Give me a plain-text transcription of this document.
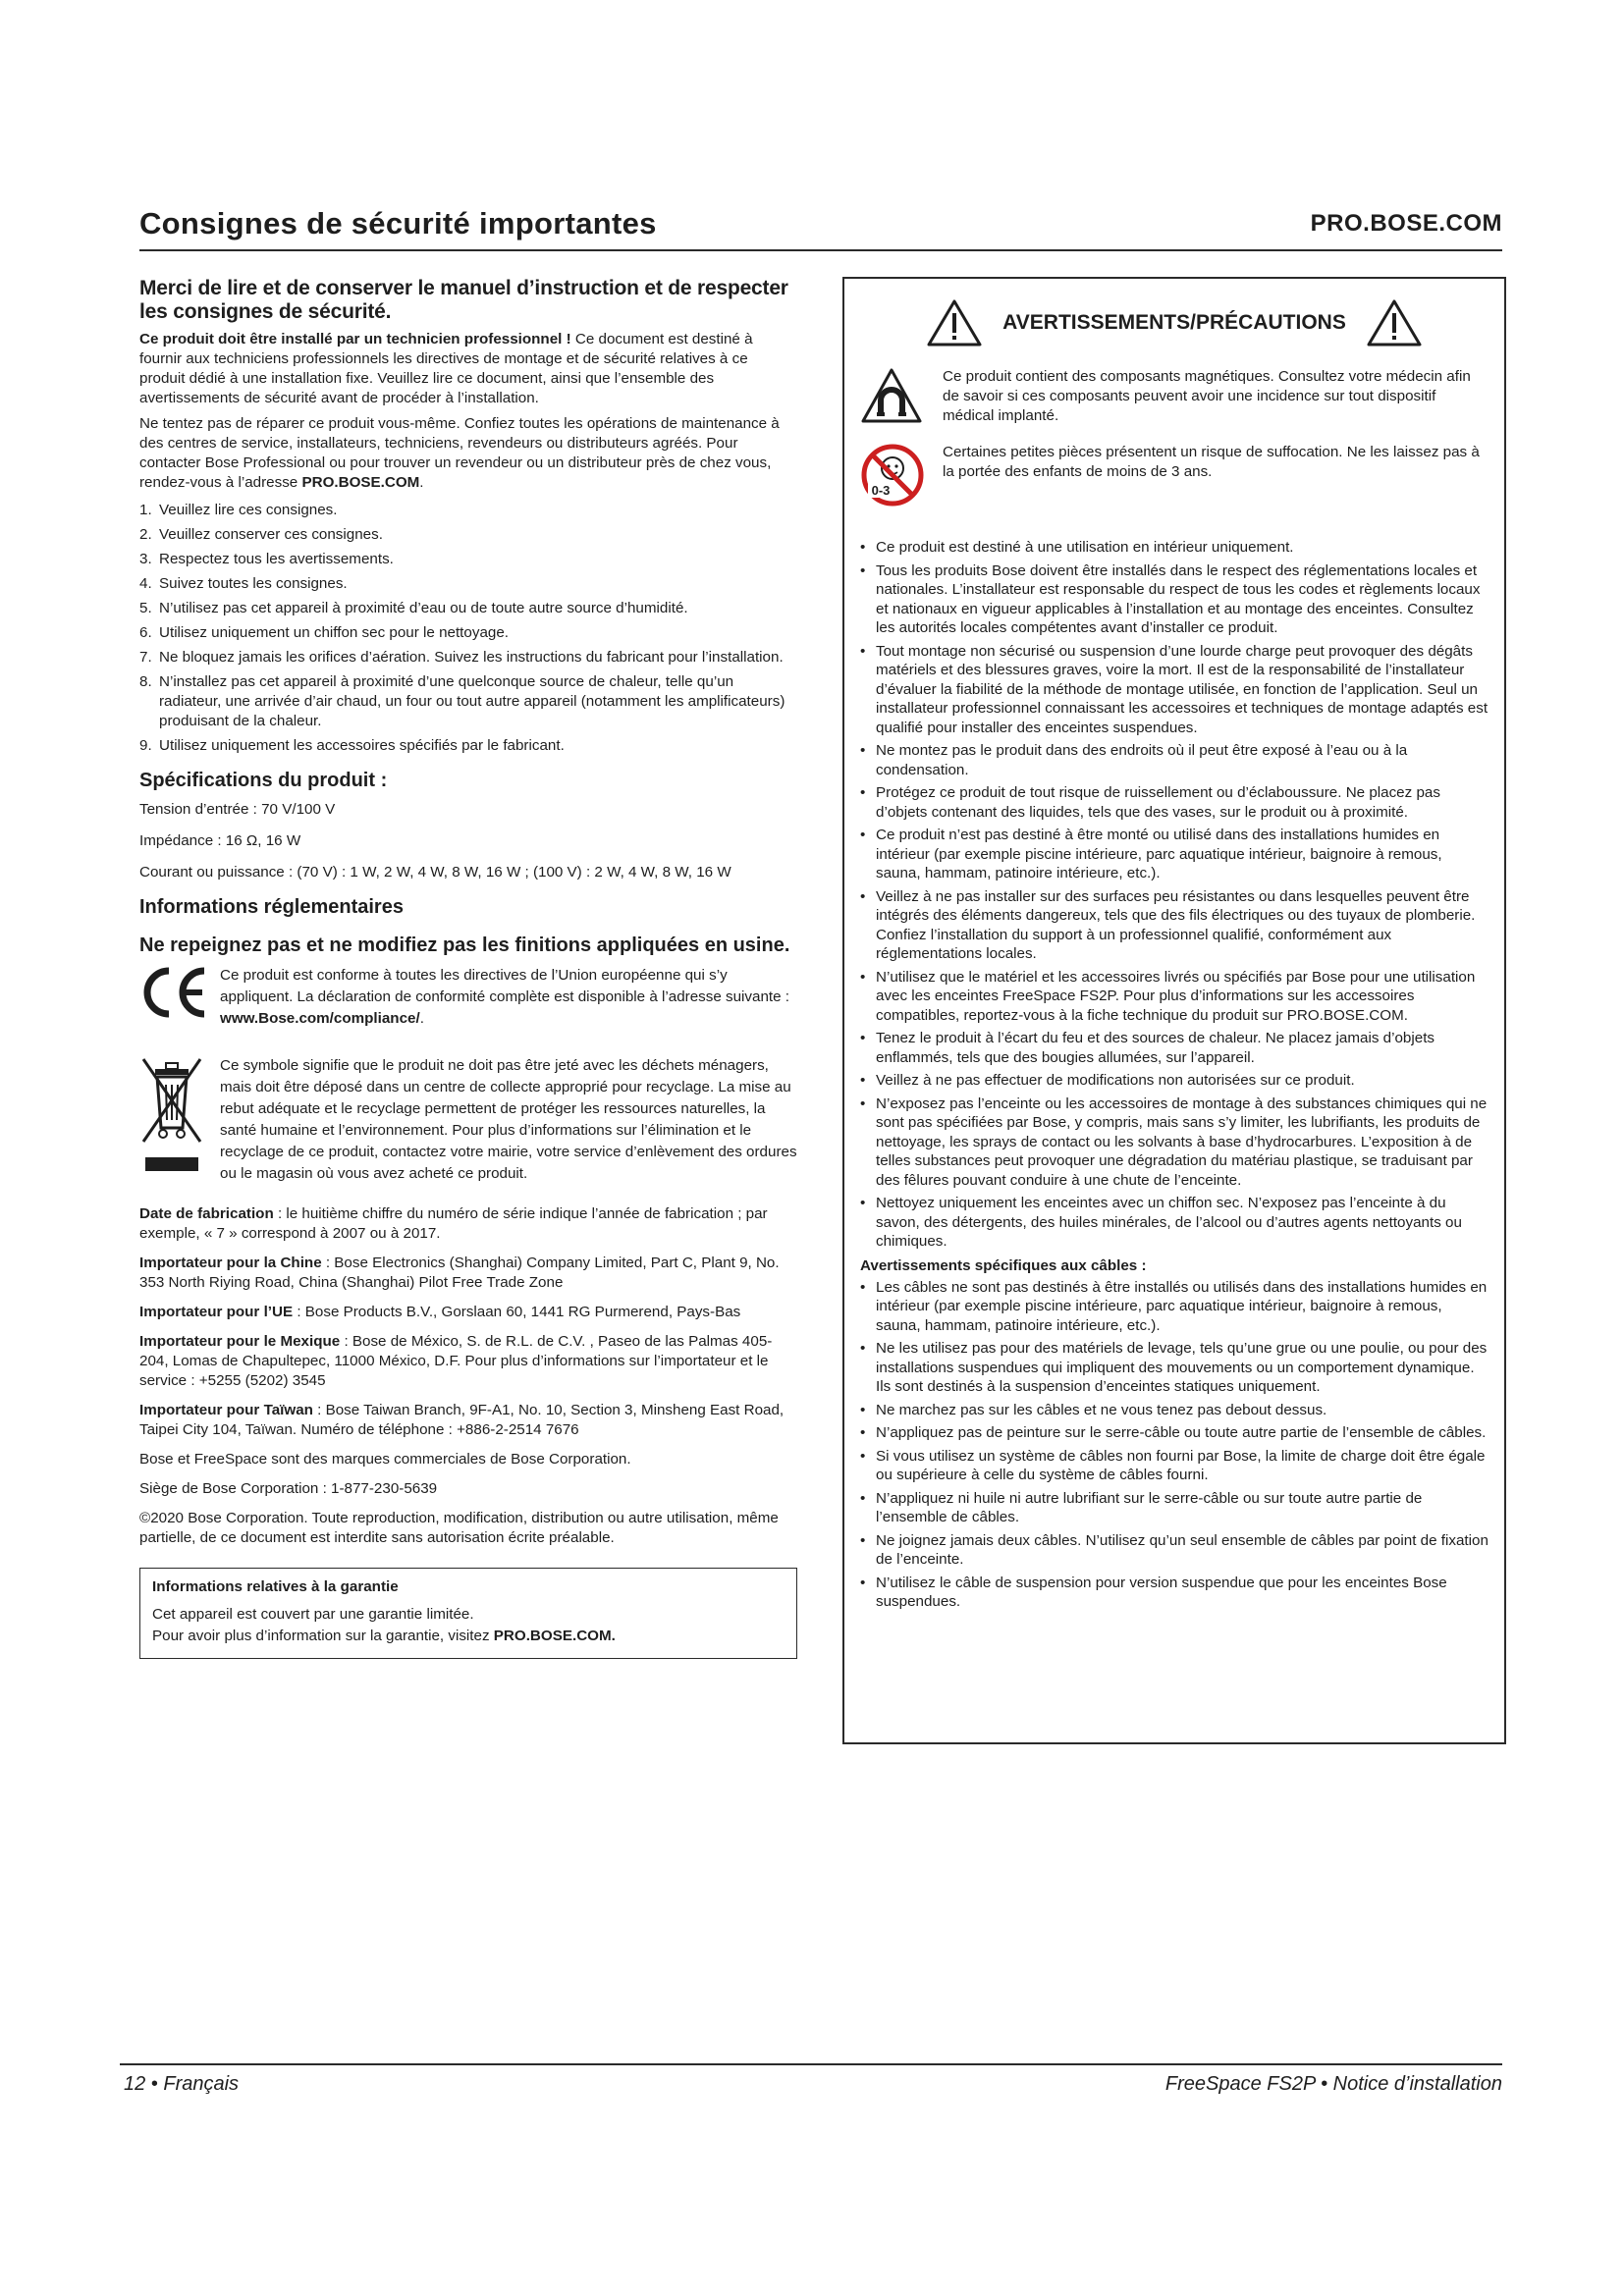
Consignes de sécurité importantes	PRO.BOSE.COM
Merci de lire et de conserver le manuel d’instruction et de respecter les consignes de sécurité.

Ce produit doit être installé par un technicien professionnel ! Ce document est destiné à fournir aux techniciens professionnels les directives de montage et de sécurité relatives à ce produit dédié à une installation fixe. Veuillez lire ce document, ainsi que l’ensemble des avertissements de sécurité avant de procéder à l’installation.

Ne tentez pas de réparer ce produit vous-même. Confiez toutes les opérations de maintenance à des centres de service, installateurs, techniciens, revendeurs ou distributeurs agréés. Pour contacter Bose Professional ou pour trouver un revendeur ou un distributeur près de chez vous, rendez-vous à l’adresse PRO.BOSE.COM.

1. Veuillez lire ces consignes.
2. Veuillez conserver ces consignes.
3. Respectez tous les avertissements.
4. Suivez toutes les consignes.
5. N’utilisez pas cet appareil à proximité d’eau ou de toute autre source d’humidité.
6. Utilisez uniquement un chiffon sec pour le nettoyage.
7. Ne bloquez jamais les orifices d’aération. Suivez les instructions du fabricant pour l’installation.
8. N’installez pas cet appareil à proximité d’une quelconque source de chaleur, telle qu’un radiateur, une arrivée d’air chaud, un four ou tout autre appareil (notamment les amplificateurs) produisant de la chaleur.
9. Utilisez uniquement les accessoires spécifiés par le fabricant.
Spécifications du produit :
Tension d’entrée : 70 V/100 V
Impédance : 16 Ω, 16 W
Courant ou puissance : (70 V) : 1 W, 2 W, 4 W, 8 W, 16 W ; (100 V) : 2 W, 4 W, 8 W, 16 W
Informations réglementaires
Ne repeignez pas et ne modifiez pas les finitions appliquées en usine.
Ce produit est conforme à toutes les directives de l’Union européenne qui s’y appliquent. La déclaration de conformité complète est disponible à l’adresse suivante : www.Bose.com/compliance/.
Ce symbole signifie que le produit ne doit pas être jeté avec les déchets ménagers, mais doit être déposé dans un centre de collecte approprié pour recyclage. La mise au rebut adéquate et le recyclage permettent de protéger les ressources naturelles, la santé humaine et l’environnement. Pour plus d’informations sur l’élimination et le recyclage de ce produit, contactez votre mairie, votre service d’enlèvement des ordures ou le magasin où vous avez acheté ce produit.

Date de fabrication : le huitième chiffre du numéro de série indique l’année de fabrication ; par exemple, « 7 » correspond à 2007 ou à 2017.

Importateur pour la Chine : Bose Electronics (Shanghai) Company Limited, Part C, Plant 9, No. 353 North Riying Road, China (Shanghai) Pilot Free Trade Zone

Importateur pour l’UE : Bose Products B.V., Gorslaan 60, 1441 RG Purmerend, Pays-Bas

Importateur pour le Mexique : Bose de México, S. de R.L. de C.V. , Paseo de las Palmas 405-204, Lomas de Chapultepec, 11000 México, D.F. Pour plus d’informations sur l’importateur et le service : +5255 (5202) 3545

Importateur pour Taïwan : Bose Taiwan Branch, 9F-A1, No. 10, Section 3, Minsheng East Road, Taipei City 104, Taïwan. Numéro de téléphone : +886-2-2514 7676

Bose et FreeSpace sont des marques commerciales de Bose Corporation.

Siège de Bose Corporation : 1-877-230-5639

©2020 Bose Corporation. Toute reproduction, modification, distribution ou autre utilisation, même partielle, de ce document est interdite sans autorisation écrite préalable.

Informations relatives à la garantie

Cet appareil est couvert par une garantie limitée.

Pour avoir plus d’information sur la garantie, visitez PRO.BOSE.COM.

AVERTISSEMENTS/PRÉCAUTIONS
Ce produit contient des composants magnétiques. Consultez votre médecin afin de savoir si ces composants peuvent avoir une incidence sur tout dispositif médical implanté.
0-3
Certaines petites pièces présentent un risque de suffocation. Ne les laissez pas à la portée des enfants de moins de 3 ans.
• Ce produit est destiné à une utilisation en intérieur uniquement.
• Tous les produits Bose doivent être installés dans le respect des réglementations locales et nationales. L’installateur est responsable du respect de tous les codes et règlements locaux et nationaux en vigueur applicables à l’installation et au montage des enceintes. Consultez les autorités locales compétentes avant d’installer ce produit.
• Tout montage non sécurisé ou suspension d’une lourde charge peut provoquer des dégâts matériels et des blessures graves, voire la mort. Il est de la responsabilité de l’installateur d’évaluer la fiabilité de la méthode de montage utilisée, en fonction de l’application. Seul un installateur professionnel connaissant les accessoires et techniques de montage adaptés est qualifié pour installer des enceintes suspendues.
• Ne montez pas le produit dans des endroits où il peut être exposé à l’eau ou à la condensation.
• Protégez ce produit de tout risque de ruissellement ou d’éclaboussure. Ne placez pas d’objets contenant des liquides, tels que des vases, sur le produit ou à proximité.
• Ce produit n’est pas destiné à être monté ou utilisé dans des installations humides en intérieur (par exemple piscine intérieure, parc aquatique intérieur, baignoire à remous, sauna, hammam, patinoire intérieure, etc.).
• Veillez à ne pas installer sur des surfaces peu résistantes ou dans lesquelles peuvent être intégrés des éléments dangereux, tels que des fils électriques ou des tuyaux de plomberie. Confiez l’installation du support à un professionnel qualifié, conformément aux réglementations locales.
• N’utilisez que le matériel et les accessoires livrés ou spécifiés par Bose pour une utilisation avec les enceintes FreeSpace FS2P. Pour plus d’informations sur les accessoires compatibles, reportez-vous à la fiche technique du produit sur PRO.BOSE.COM.
• Tenez le produit à l’écart du feu et des sources de chaleur. Ne placez jamais d’objets enflammés, tels que des bougies allumées, sur l’appareil.
• Veillez à ne pas effectuer de modifications non autorisées sur ce produit.
• N’exposez pas l’enceinte ou les accessoires de montage à des substances chimiques qui ne sont pas spécifiées par Bose, y compris, mais sans s’y limiter, les lubrifiants, les produits de nettoyage, les sprays de contact ou les solvants à base d’hydrocarbures. L’exposition à de telles substances peut provoquer une dégradation du matériau plastique, se traduisant par des fêlures pouvant conduire à une chute de l’enceinte.
• Nettoyez uniquement les enceintes avec un chiffon sec. N’exposez pas l’enceinte à du savon, des détergents, des huiles minérales, de l’alcool ou d’autres agents nettoyants ou chimiques.
Avertissements spécifiques aux câbles :
• Les câbles ne sont pas destinés à être installés ou utilisés dans des installations humides en intérieur (par exemple piscine intérieure, parc aquatique intérieur, baignoire à remous, sauna, hammam, patinoire intérieure, etc.).
• Ne les utilisez pas pour des matériels de levage, tels qu’une grue ou une poulie, ou pour des installations suspendues qui impliquent des mouvements ou un comportement dynamique. Ils sont destinés à la suspension d’enceintes statiques uniquement.
• Ne marchez pas sur les câbles et ne vous tenez pas debout dessus.
• N’appliquez pas de peinture sur le serre-câble ou toute autre partie de l’ensemble de câbles.
• Si vous utilisez un système de câbles non fourni par Bose, la limite de charge doit être égale ou supérieure à celle du système de câbles fourni.
• N’appliquez ni huile ni autre lubrifiant sur le serre-câble ou sur toute autre partie de l’ensemble de câbles.
• Ne joignez jamais deux câbles. N’utilisez qu’un seul ensemble de câbles par point de fixation de l’enceinte.
• N’utilisez le câble de suspension pour version suspendue que pour les enceintes Bose suspendues.
12 • Français	FreeSpace FS2P • Notice d’installation
